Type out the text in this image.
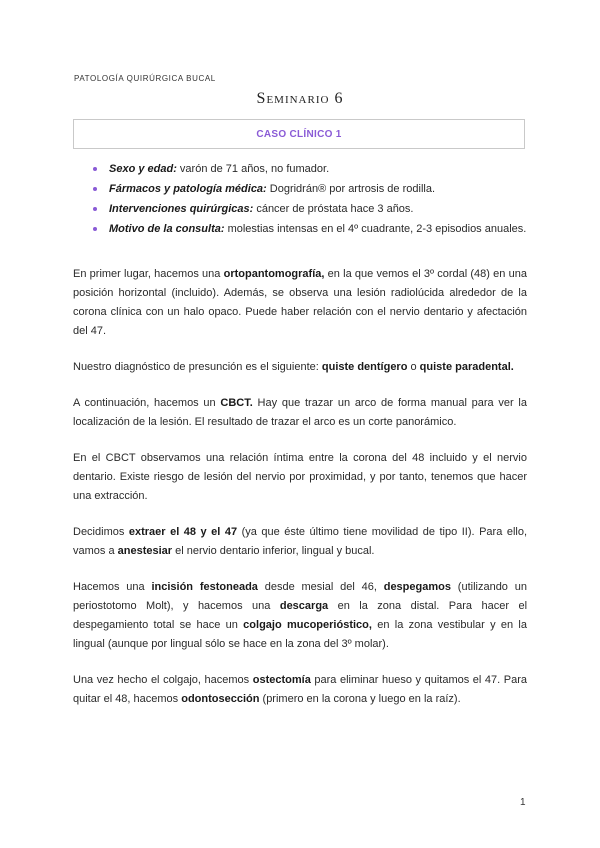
PATOLOGÍA QUIRÚRGICA BUCAL
Seminario 6
CASO CLÍNICO 1
Sexo y edad: varón de 71 años, no fumador.
Fármacos y patología médica: Dogridrán® por artrosis de rodilla.
Intervenciones quirúrgicas: cáncer de próstata hace 3 años.
Motivo de la consulta: molestias intensas en el 4º cuadrante, 2-3 episodios anuales.

En primer lugar, hacemos una ortopantomografía, en la que vemos el 3º cordal (48) en una posición horizontal (incluido). Además, se observa una lesión radiolúcida alrededor de la corona clínica con un halo opaco. Puede haber relación con el nervio dentario y afectación del 47.

Nuestro diagnóstico de presunción es el siguiente: quiste dentígero o quiste paradental.

A continuación, hacemos un CBCT. Hay que trazar un arco de forma manual para ver la localización de la lesión. El resultado de trazar el arco es un corte panorámico.

En el CBCT observamos una relación íntima entre la corona del 48 incluido y el nervio dentario. Existe riesgo de lesión del nervio por proximidad, y por tanto, tenemos que hacer una extracción.

Decidimos extraer el 48 y el 47 (ya que éste último tiene movilidad de tipo II). Para ello, vamos a anestesiar el nervio dentario inferior, lingual y bucal.

Hacemos una incisión festoneada desde mesial del 46, despegamos (utilizando un periostotomo Molt), y hacemos una descarga en la zona distal. Para hacer el despegamiento total se hace un colgajo mucoperióstico, en la zona vestibular y en la lingual (aunque por lingual sólo se hace en la zona del 3º molar).

Una vez hecho el colgajo, hacemos ostectomía para eliminar hueso y quitamos el 47. Para quitar el 48, hacemos odontosección (primero en la corona y luego en la raíz).

1
